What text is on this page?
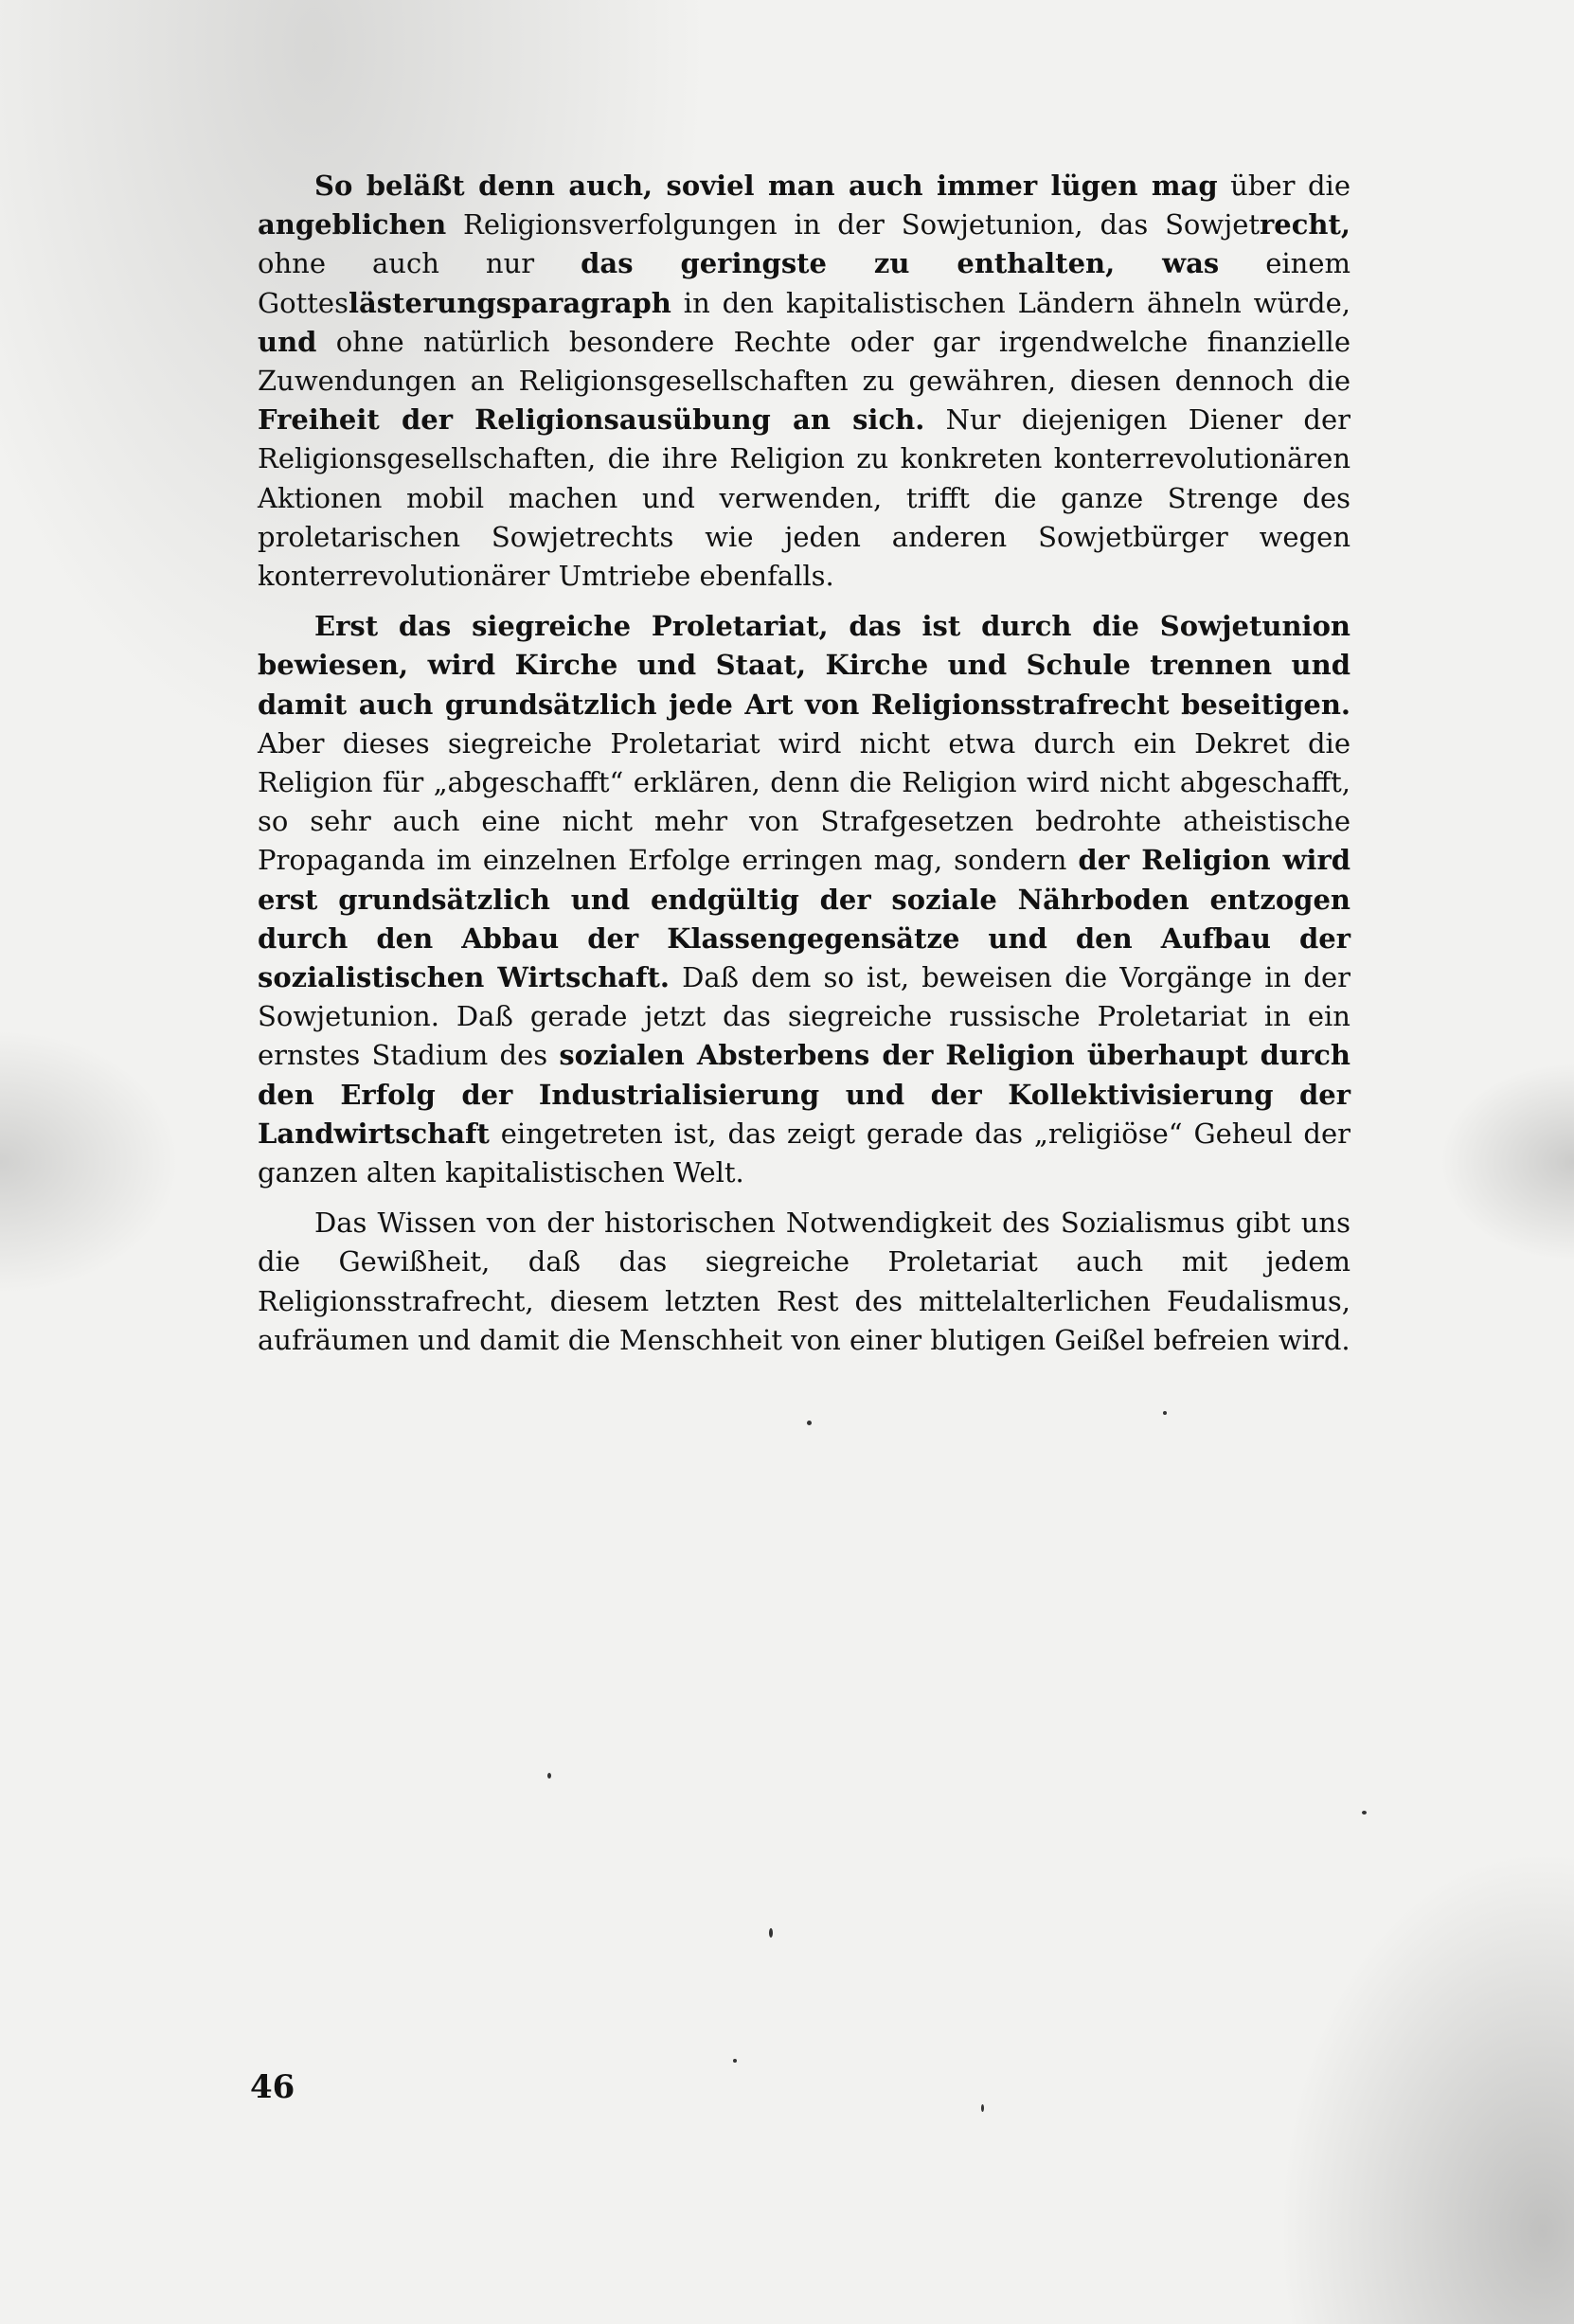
So beläßt denn auch, soviel man auch immer lügen mag über die angeblichen Religionsverfolgungen in der Sowjetunion, das Sowjetrecht, ohne auch nur das geringste zu enthalten, was einem Gotteslästerungsparagraph in den kapitalistischen Ländern ähneln würde, und ohne natürlich besondere Rechte oder gar irgendwelche finanzielle Zuwendungen an Religionsgesellschaften zu gewähren, diesen dennoch die Freiheit der Religionsausübung an sich. Nur diejenigen Diener der Religionsgesellschaften, die ihre Religion zu konkreten konterrevolutionären Aktionen mobil machen und verwenden, trifft die ganze Strenge des proletarischen Sowjetrechts wie jeden anderen Sowjetbürger wegen konterrevolutionärer Umtriebe ebenfalls.

Erst das siegreiche Proletariat, das ist durch die Sowjetunion bewiesen, wird Kirche und Staat, Kirche und Schule trennen und damit auch grundsätzlich jede Art von Religionsstrafrecht beseitigen. Aber dieses siegreiche Proletariat wird nicht etwa durch ein Dekret die Religion für „abgeschafft“ erklären, denn die Religion wird nicht abgeschafft, so sehr auch eine nicht mehr von Strafgesetzen bedrohte atheistische Propaganda im einzelnen Erfolge erringen mag, sondern der Religion wird erst grundsätzlich und endgültig der soziale Nährboden entzogen durch den Abbau der Klassengegensätze und den Aufbau der sozialistischen Wirtschaft. Daß dem so ist, beweisen die Vorgänge in der Sowjetunion. Daß gerade jetzt das siegreiche russische Proletariat in ein ernstes Stadium des sozialen Absterbens der Religion überhaupt durch den Erfolg der Industrialisierung und der Kollektivisierung der Landwirtschaft eingetreten ist, das zeigt gerade das „religiöse“ Geheul der ganzen alten kapitalistischen Welt.

Das Wissen von der historischen Notwendigkeit des Sozialismus gibt uns die Gewißheit, daß das siegreiche Proletariat auch mit jedem Religionsstrafrecht, diesem letzten Rest des mittelalterlichen Feudalismus, aufräumen und damit die Menschheit von einer blutigen Geißel befreien wird.

46
